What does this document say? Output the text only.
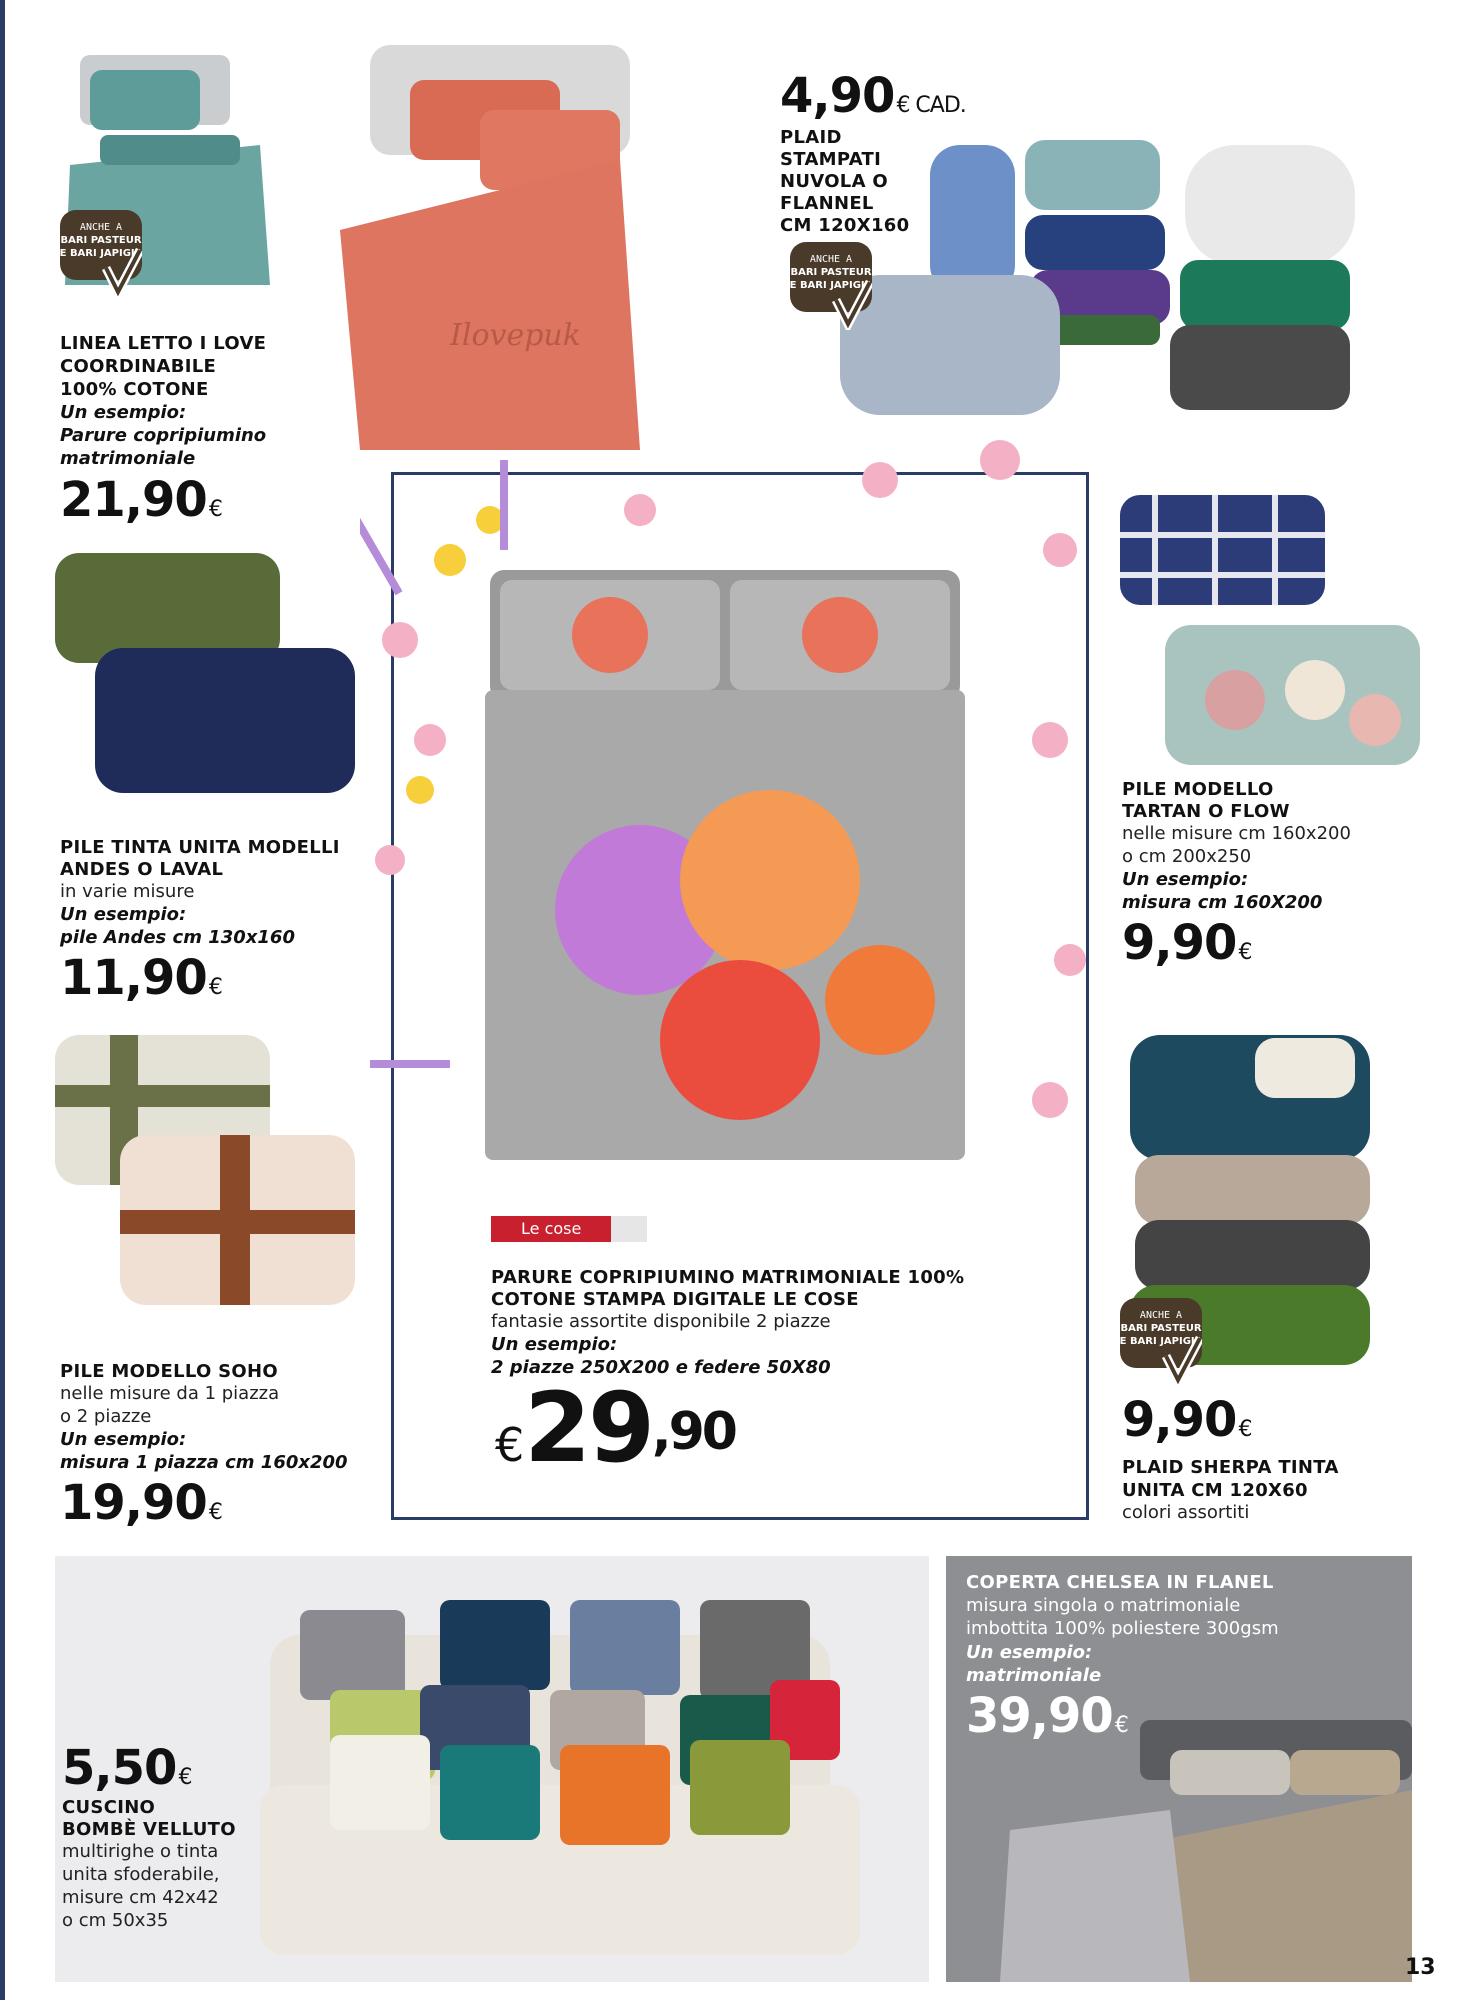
Ilovepuk
ANCHE A
BARI PASTEUR
E BARI JAPIGIA
LINEA LETTO I LOVE
COORDINABILE
100% COTONE
Un esempio:
Parure copripiumino
matrimoniale
21,90€
4,90€ CAD.
PLAID
STAMPATI
NUVOLA O
FLANNEL
CM 120X160
ANCHE A
BARI PASTEUR
E BARI JAPIGIA
PILE TINTA UNITA MODELLI
ANDES O LAVAL
in varie misure
Un esempio:
pile Andes cm 130x160
11,90€
Le cose
PARURE COPRIPIUMINO MATRIMONIALE 100%
COTONE STAMPA DIGITALE LE COSE
fantasie assortite disponibile 2 piazze
Un esempio:
2 piazze 250X200 e federe 50X80
$€29^{,90}$
PILE MODELLO
TARTAN O FLOW
nelle misure cm 160x200
o cm 200x250
Un esempio:
misura cm 160X200
9,90€
PILE MODELLO SOHO
nelle misure da 1 piazza
o 2 piazze
Un esempio:
misura 1 piazza cm 160x200
19,90€
ANCHE A
BARI PASTEUR
E BARI JAPIGIA
9,90€
PLAID SHERPA TINTA
UNITA CM 120X60
colori assortiti
5,50€
CUSCINO
BOMBÈ VELLUTO
multirighe o tinta
unita sfoderabile,
misure cm 42x42
o cm 50x35
COPERTA CHELSEA IN FLANEL
misura singola o matrimoniale
imbottita 100% poliestere 300gsm
Un esempio:
matrimoniale
39,90€
13
